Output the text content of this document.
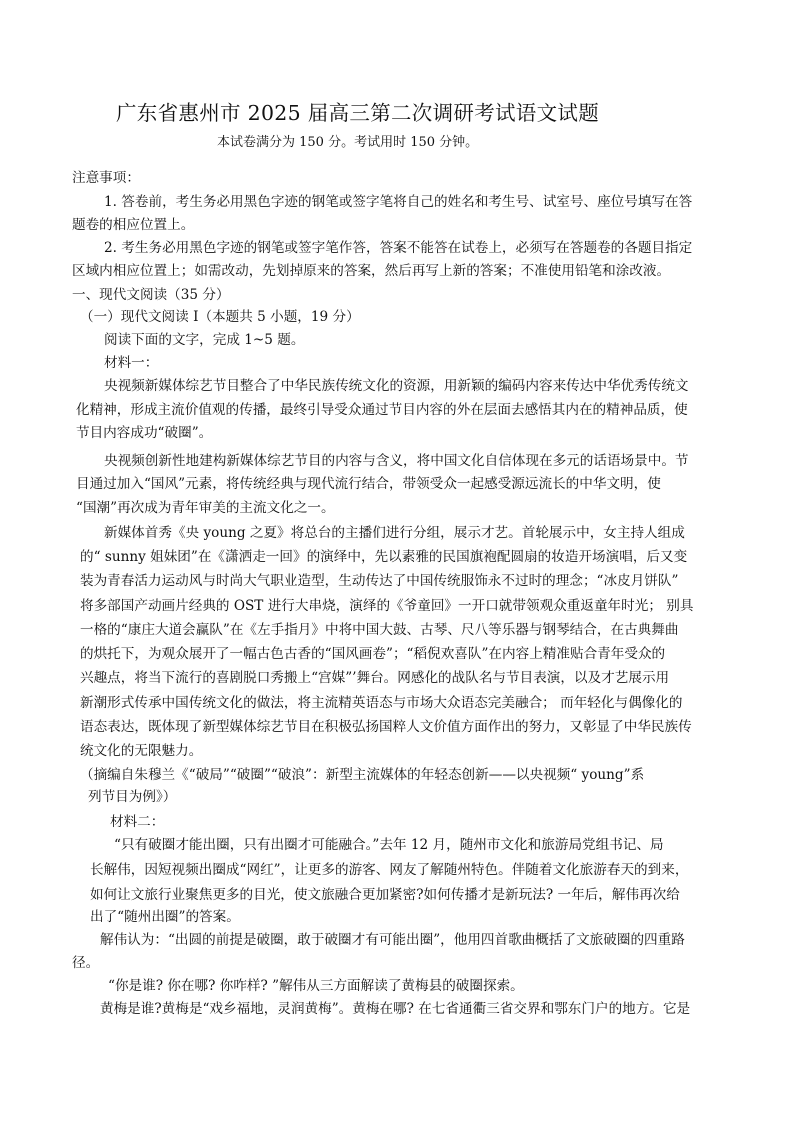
广东省惠州市 2025 届高三第二次调研考试语文试题
本试卷满分为 150 分。考试用时 150 分钟。
注意事项：
1. 答卷前，考生务必用黑色字迹的钢笔或签字笔将自己的姓名和考生号、试室号、座位号填写在答
题卷的相应位置上。
2. 考生务必用黑色字迹的钢笔或签字笔作答，答案不能答在试卷上，必须写在答题卷的各题目指定
区域内相应位置上；如需改动，先划掉原来的答案，然后再写上新的答案；不准使用铅笔和涂改液。
一、现代文阅读（35 分）
（一）现代文阅读 I（本题共 5 小题，19 分）
阅读下面的文字，完成 1~5 题。
材料一：
央视频新媒体综艺节目整合了中华民族传统文化的资源，用新颖的编码内容来传达中华优秀传统文
化精神，形成主流价值观的传播，最终引导受众通过节目内容的外在层面去感悟其内在的精神品质，使
节目内容成功“破圈”。
央视频创新性地建构新媒体综艺节目的内容与含义，将中国文化自信体现在多元的话语场景中。节
目通过加入“国风”元素，将传统经典与现代流行结合，带领受众一起感受源远流长的中华文明，使
“国潮”再次成为青年审美的主流文化之一。
新媒体首秀《央 young 之夏》将总台的主播们进行分组，展示才艺。首轮展示中，女主持人组成
的“ sunny 姐妹团”在《潇洒走一回》的演绎中，先以素雅的民国旗袍配圆扇的妆造开场演唱，后又变
装为青春活力运动风与时尚大气职业造型，生动传达了中国传统服饰永不过时的理念；“冰皮月饼队”
将多部国产动画片经典的 OST 进行大串烧，演绎的《爷童回》一开口就带领观众重返童年时光； 别具
一格的“康庄大道会赢队”在《左手指月》中将中国大鼓、古琴、尺八等乐器与钢琴结合，在古典舞曲
的烘托下，为观众展开了一幅古色古香的“国风画卷”；“稻倪欢喜队”在内容上精准贴合青年受众的
兴趣点，将当下流行的喜剧脱口秀搬上“宫媒”’舞台。网感化的战队名与节目表演，以及才艺展示用
新潮形式传承中国传统文化的做法，将主流精英语态与市场大众语态完美融合； 而年轻化与偶像化的
语态表达，既体现了新型媒体综艺节目在积极弘扬国粹人文价值方面作出的努力，又彰显了中华民族传
统文化的无限魅力。
（摘编自朱穆兰《“破局”“破圈”“破浪”：新型主流媒体的年轻态创新——以央视频“ young”系
列节目为例》）
材料二：
“只有破圈才能出圈，只有出圈才可能融合。”去年 12 月，随州市文化和旅游局党组书记、局
长解伟，因短视频出圈成“网红”，让更多的游客、网友了解随州特色。伴随着文化旅游春天的到来，
如何让文旅行业聚焦更多的目光，使文旅融合更加紧密?如何传播才是新玩法? 一年后，解伟再次给
出了“随州出圈”的答案。
解伟认为：“出圆的前提是破圈，敢于破圈才有可能出圈”，他用四首歌曲概括了文旅破圈的四重路
径。
“你是谁? 你在哪? 你咋样? ”解伟从三方面解读了黄梅县的破圈探索。
黄梅是谁?黄梅是“戏乡福地，灵润黄梅”。黄梅在哪? 在七省通衢三省交界和鄂东门户的地方。它是
